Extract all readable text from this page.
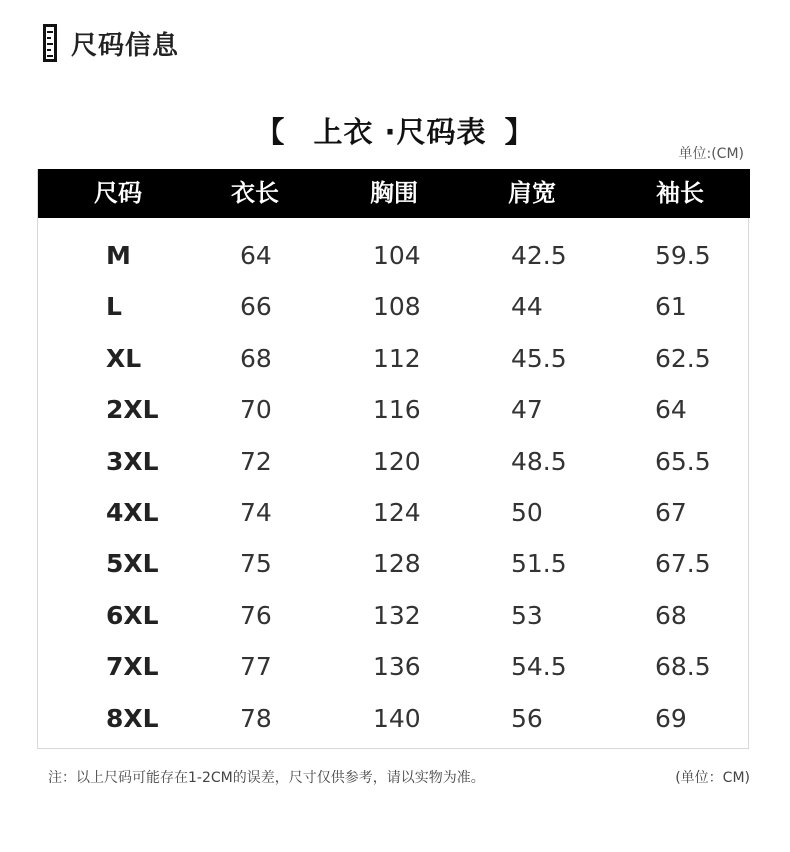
尺码信息
【 上衣 ·尺码表 】
单位:(CM)
尺码	衣长	胸围	肩宽	袖长
M	64	104	42.5	59.5
L	66	108	44	61
XL	68	112	45.5	62.5
2XL	70	116	47	64
3XL	72	120	48.5	65.5
4XL	74	124	50	67
5XL	75	128	51.5	67.5
6XL	76	132	53	68
7XL	77	136	54.5	68.5
8XL	78	140	56	69
注：以上尺码可能存在1-2CM的误差，尺寸仅供参考，请以实物为准。	(单位：CM)
